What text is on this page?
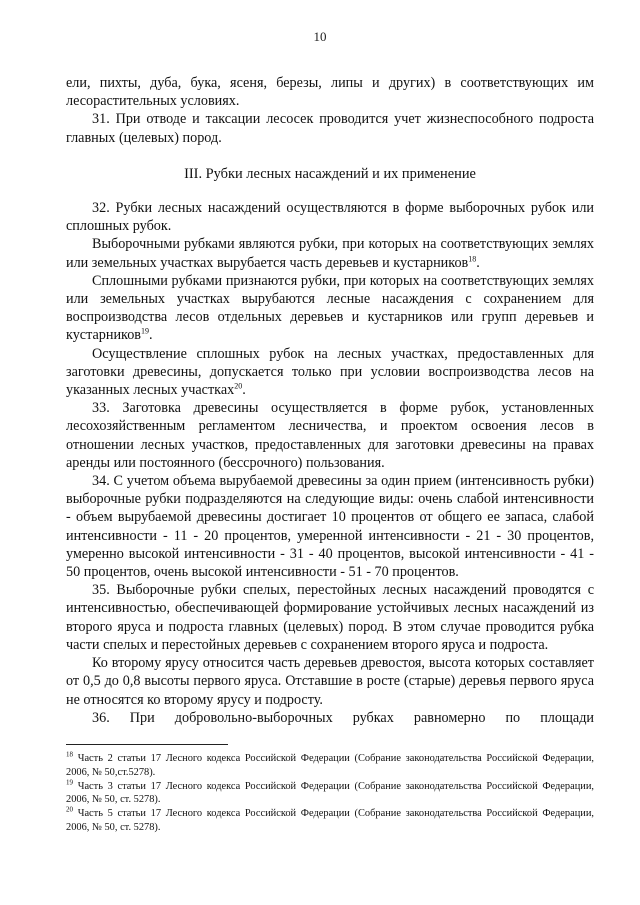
10

ели, пихты, дуба, бука, ясеня, березы, липы и других) в соответствующих им лесорастительных условиях.

31. При отводе и таксации лесосек проводится учет жизнеспособного подроста главных (целевых) пород.

III. Рубки лесных насаждений и их применение

32. Рубки лесных насаждений осуществляются в форме выборочных рубок или сплошных рубок.

Выборочными рубками являются рубки, при которых на соответствующих землях или земельных участках вырубается часть деревьев и кустарников$^{18}$.

Сплошными рубками признаются рубки, при которых на соответствующих землях или земельных участках вырубаются лесные насаждения с сохранением для воспроизводства лесов отдельных деревьев и кустарников или групп деревьев и кустарников$^{19}$.

Осуществление сплошных рубок на лесных участках, предоставленных для заготовки древесины, допускается только при условии воспроизводства лесов на указанных лесных участках$^{20}$.

33. Заготовка древесины осуществляется в форме рубок, установленных лесохозяйственным регламентом лесничества, и проектом освоения лесов в отношении лесных участков, предоставленных для заготовки древесины на правах аренды или постоянного (бессрочного) пользования.

34. С учетом объема вырубаемой древесины за один прием (интенсивность рубки) выборочные рубки подразделяются на следующие виды: очень слабой интенсивности - объем вырубаемой древесины достигает 10 процентов от общего ее запаса, слабой интенсивности - 11 - 20 процентов, умеренной интенсивности - 21 - 30 процентов, умеренно высокой интенсивности - 31 - 40 процентов, высокой интенсивности - 41 - 50 процентов, очень высокой интенсивности - 51 - 70 процентов.

35. Выборочные рубки спелых, перестойных лесных насаждений проводятся с интенсивностью, обеспечивающей формирование устойчивых лесных насаждений из второго яруса и подроста главных (целевых) пород. В этом случае проводится рубка части спелых и перестойных деревьев с сохранением второго яруса и подроста.

Ко второму ярусу относится часть деревьев древостоя, высота которых составляет от 0,5 до 0,8 высоты первого яруса. Отставшие в росте (старые) деревья первого яруса не относятся ко второму ярусу и подросту.

36. При добровольно-выборочных рубках равномерно по площади

$^{18}$ Часть 2 статьи 17 Лесного кодекса Российской Федерации (Собрание законодательства Российской Федерации, 2006, № 50,ст.5278).

$^{19}$ Часть 3 статьи 17 Лесного кодекса Российской Федерации (Собрание законодательства Российской Федерации, 2006, № 50, ст. 5278).

$^{20}$ Часть 5 статьи 17 Лесного кодекса Российской Федерации (Собрание законодательства Российской Федерации, 2006, № 50, ст. 5278).
